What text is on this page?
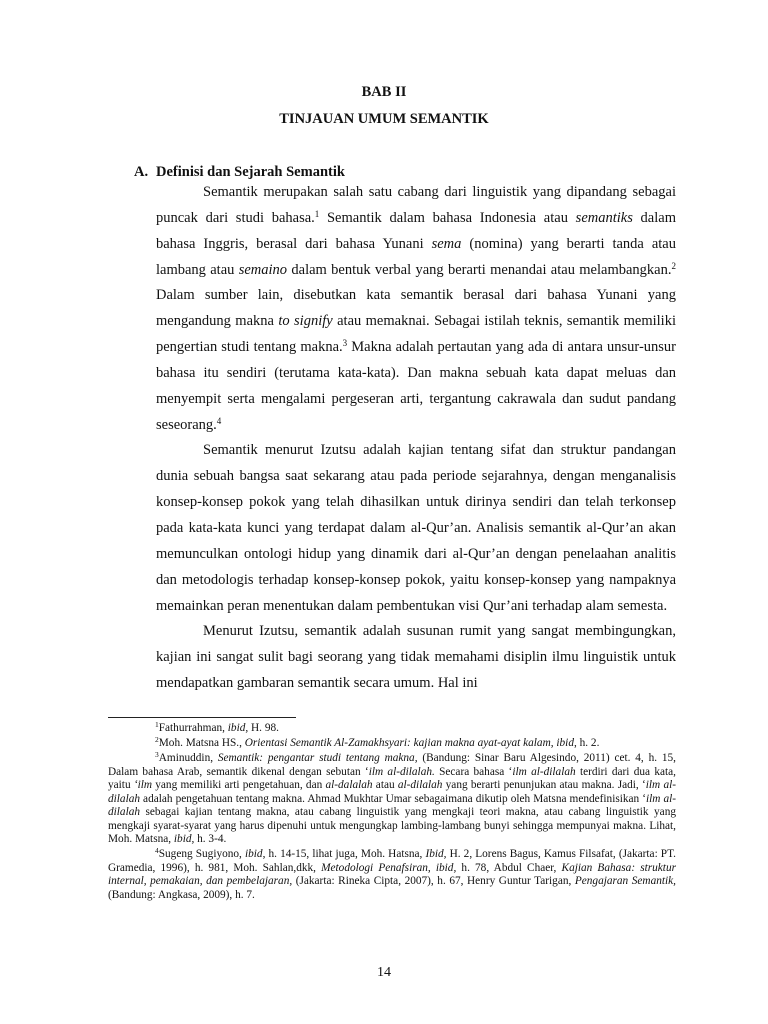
BAB II
TINJAUAN UMUM SEMANTIK
A. Definisi dan Sejarah Semantik

Semantik merupakan salah satu cabang dari linguistik yang dipandang sebagai puncak dari studi bahasa.$^1$ Semantik dalam bahasa Indonesia atau semantiks dalam bahasa Inggris, berasal dari bahasa Yunani sema (nomina) yang berarti tanda atau lambang atau semaino dalam bentuk verbal yang berarti menandai atau melambangkan.$^2$ Dalam sumber lain, disebutkan kata semantik berasal dari bahasa Yunani yang mengandung makna to signify atau memaknai. Sebagai istilah teknis, semantik memiliki pengertian studi tentang makna.$^3$ Makna adalah pertautan yang ada di antara unsur-unsur bahasa itu sendiri (terutama kata-kata). Dan makna sebuah kata dapat meluas dan menyempit serta mengalami pergeseran arti, tergantung cakrawala dan sudut pandang seseorang.$^4$

Semantik menurut Izutsu adalah kajian tentang sifat dan struktur pandangan dunia sebuah bangsa saat sekarang atau pada periode sejarahnya, dengan menganalisis konsep-konsep pokok yang telah dihasilkan untuk dirinya sendiri dan telah terkonsep pada kata-kata kunci yang terdapat dalam al-Qur’an. Analisis semantik al-Qur’an akan memunculkan ontologi hidup yang dinamik dari al-Qur’an dengan penelaahan analitis dan metodologis terhadap konsep-konsep pokok, yaitu konsep-konsep yang nampaknya memainkan peran menentukan dalam pembentukan visi Qur’ani terhadap alam semesta.

Menurut Izutsu, semantik adalah susunan rumit yang sangat membingungkan, kajian ini sangat sulit bagi seorang yang tidak memahami disiplin ilmu linguistik untuk mendapatkan gambaran semantik secara umum. Hal ini

$^1$Fathurrahman, ibid, H. 98.

$^2$Moh. Matsna HS., Orientasi Semantik Al-Zamakhsyari: kajian makna ayat-ayat kalam, ibid, h. 2.

$^3$Aminuddin, Semantik: pengantar studi tentang makna, (Bandung: Sinar Baru Algesindo, 2011) cet. 4, h. 15, Dalam bahasa Arab, semantik dikenal dengan sebutan ‘ilm al-dilalah. Secara bahasa ‘ilm al-dilalah terdiri dari dua kata, yaitu ‘ilm yang memiliki arti pengetahuan, dan al-dalalah atau al-dilalah yang berarti penunjukan atau makna. Jadi, ‘ilm al-dilalah adalah pengetahuan tentang makna. Ahmad Mukhtar Umar sebagaimana dikutip oleh Matsna mendefinisikan ‘ilm al-dilalah sebagai kajian tentang makna, atau cabang linguistik yang mengkaji teori makna, atau cabang linguistik yang mengkaji syarat-syarat yang harus dipenuhi untuk mengungkap lambing-lambang bunyi sehingga mempunyai makna. Lihat, Moh. Matsna, ibid, h. 3-4.

$^4$Sugeng Sugiyono, ibid, h. 14-15, lihat juga, Moh. Hatsna, Ibid, H. 2, Lorens Bagus, Kamus Filsafat, (Jakarta: PT. Gramedia, 1996), h. 981, Moh. Sahlan,dkk, Metodologi Penafsiran, ibid, h. 78, Abdul Chaer, Kajian Bahasa: struktur internal, pemakaian, dan pembelajaran, (Jakarta: Rineka Cipta, 2007), h. 67, Henry Guntur Tarigan, Pengajaran Semantik, (Bandung: Angkasa, 2009), h. 7.

14
